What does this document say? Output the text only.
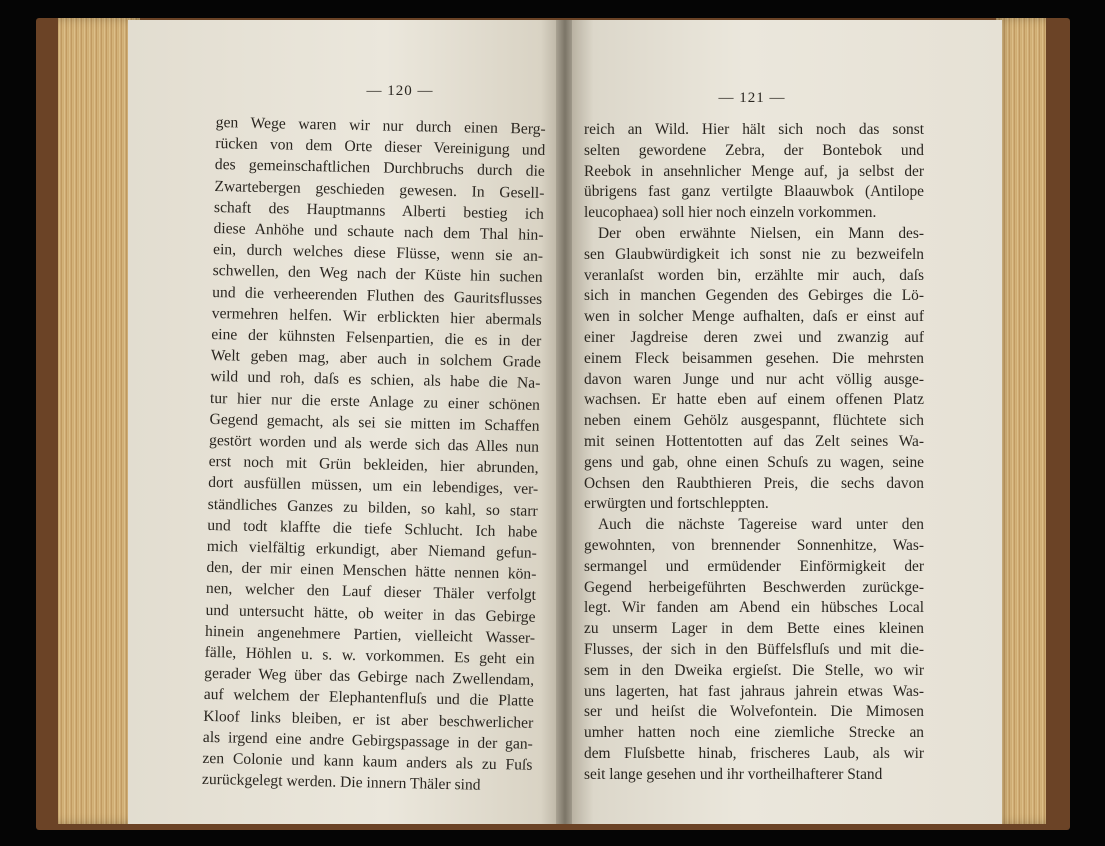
— 120 —
gen Wege waren wir nur durch einen Berg-
rücken von dem Orte dieser Vereinigung und
des gemeinschaftlichen Durchbruchs durch die
Zwartebergen geschieden gewesen. In Gesell-
schaft des Hauptmanns Alberti bestieg ich
diese Anhöhe und schaute nach dem Thal hin-
ein, durch welches diese Flüsse, wenn sie an-
schwellen, den Weg nach der Küste hin suchen
und die verheerenden Fluthen des Gauritsflusses
vermehren helfen. Wir erblickten hier abermals
eine der kühnsten Felsenpartien, die es in der
Welt geben mag, aber auch in solchem Grade
wild und roh, daſs es schien, als habe die Na-
tur hier nur die erste Anlage zu einer schönen
Gegend gemacht, als sei sie mitten im Schaffen
gestört worden und als werde sich das Alles nun
erst noch mit Grün bekleiden, hier abrunden,
dort ausfüllen müssen, um ein lebendiges, ver-
ständliches Ganzes zu bilden, so kahl, so starr
und todt klaffte die tiefe Schlucht. Ich habe
mich vielfältig erkundigt, aber Niemand gefun-
den, der mir einen Menschen hätte nennen kön-
nen, welcher den Lauf dieser Thäler verfolgt
und untersucht hätte, ob weiter in das Gebirge
hinein angenehmere Partien, vielleicht Wasser-
fälle, Höhlen u. s. w. vorkommen. Es geht ein
gerader Weg über das Gebirge nach Zwellendam,
auf welchem der Elephantenfluſs und die Platte
Kloof links bleiben, er ist aber beschwerlicher
als irgend eine andre Gebirgspassage in der gan-
zen Colonie und kann kaum anders als zu Fuſs
zurückgelegt werden. Die innern Thäler sind
— 121 —
reich an Wild. Hier hält sich noch das sonst
selten gewordene Zebra, der Bontebok und
Reebok in ansehnlicher Menge auf, ja selbst der
übrigens fast ganz vertilgte Blaauwbok (Antilope
leucophaea) soll hier noch einzeln vorkommen.
Der oben erwähnte Nielsen, ein Mann des-
sen Glaubwürdigkeit ich sonst nie zu bezweifeln
veranlaſst worden bin, erzählte mir auch, daſs
sich in manchen Gegenden des Gebirges die Lö-
wen in solcher Menge aufhalten, daſs er einst auf
einer Jagdreise deren zwei und zwanzig auf
einem Fleck beisammen gesehen. Die mehrsten
davon waren Junge und nur acht völlig ausge-
wachsen. Er hatte eben auf einem offenen Platz
neben einem Gehölz ausgespannt, flüchtete sich
mit seinen Hottentotten auf das Zelt seines Wa-
gens und gab, ohne einen Schuſs zu wagen, seine
Ochsen den Raubthieren Preis, die sechs davon
erwürgten und fortschleppten.
Auch die nächste Tagereise ward unter den
gewohnten, von brennender Sonnenhitze, Was-
sermangel und ermüdender Einförmigkeit der
Gegend herbeigeführten Beschwerden zurückge-
legt. Wir fanden am Abend ein hübsches Local
zu unserm Lager in dem Bette eines kleinen
Flusses, der sich in den Büffelsfluſs und mit die-
sem in den Dweika ergieſst. Die Stelle, wo wir
uns lagerten, hat fast jahraus jahrein etwas Was-
ser und heiſst die Wolvefontein. Die Mimosen
umher hatten noch eine ziemliche Strecke an
dem Fluſsbette hinab, frischeres Laub, als wir
seit lange gesehen und ihr vortheilhafterer Stand
